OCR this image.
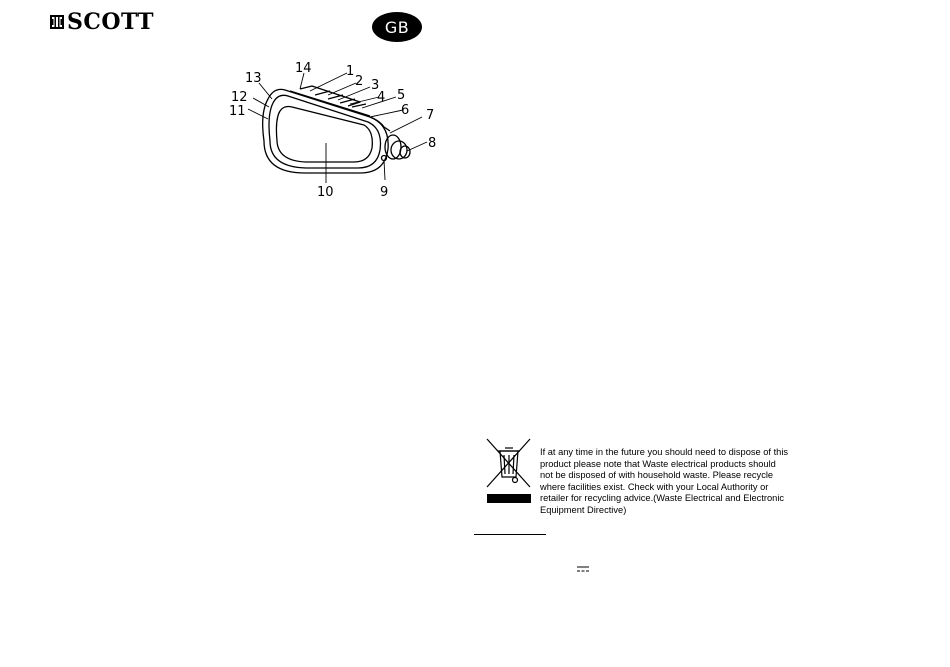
SCOTT	GB
1
2 3
4 5
6 7
8
9
10
11
12
13
14
If at any time in the future you should need to dispose of this
product please note that Waste electrical products should
not be disposed of with household waste. Please recycle
where facilities exist. Check with your Local Authority or
retailer for recycling advice.(Waste Electrical and Electronic
Equipment Directive)
